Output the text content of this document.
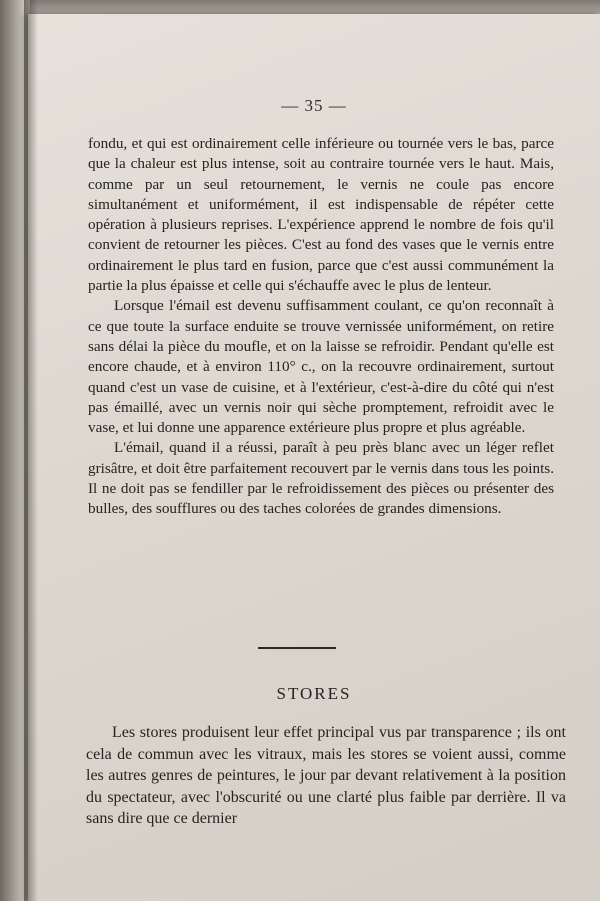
— 35 —

fondu, et qui est ordinairement celle inférieure ou tournée vers le bas, parce que la chaleur est plus intense, soit au contraire tournée vers le haut. Mais, comme par un seul retournement, le vernis ne coule pas encore simultanément et uniformément, il est indispensable de répéter cette opération à plusieurs reprises. L'expérience apprend le nombre de fois qu'il convient de retourner les pièces. C'est au fond des vases que le vernis entre ordinairement le plus tard en fusion, parce que c'est aussi communément la partie la plus épaisse et celle qui s'échauffe avec le plus de lenteur.

Lorsque l'émail est devenu suffisamment coulant, ce qu'on reconnaît à ce que toute la surface enduite se trouve vernissée uniformément, on retire sans délai la pièce du moufle, et on la laisse se refroidir. Pendant qu'elle est encore chaude, et à environ 110° c., on la recouvre ordinairement, surtout quand c'est un vase de cuisine, et à l'extérieur, c'est-à-dire du côté qui n'est pas émaillé, avec un vernis noir qui sèche promptement, refroidit avec le vase, et lui donne une apparence extérieure plus propre et plus agréable.

L'émail, quand il a réussi, paraît à peu près blanc avec un léger reflet grisâtre, et doit être parfaitement recouvert par le vernis dans tous les points. Il ne doit pas se fendiller par le refroidissement des pièces ou présenter des bulles, des soufflures ou des taches colorées de grandes dimensions.

STORES

Les stores produisent leur effet principal vus par transparence ; ils ont cela de commun avec les vitraux, mais les stores se voient aussi, comme les autres genres de peintures, le jour par devant relativement à la position du spectateur, avec l'obscurité ou une clarté plus faible par derrière. Il va sans dire que ce dernier
